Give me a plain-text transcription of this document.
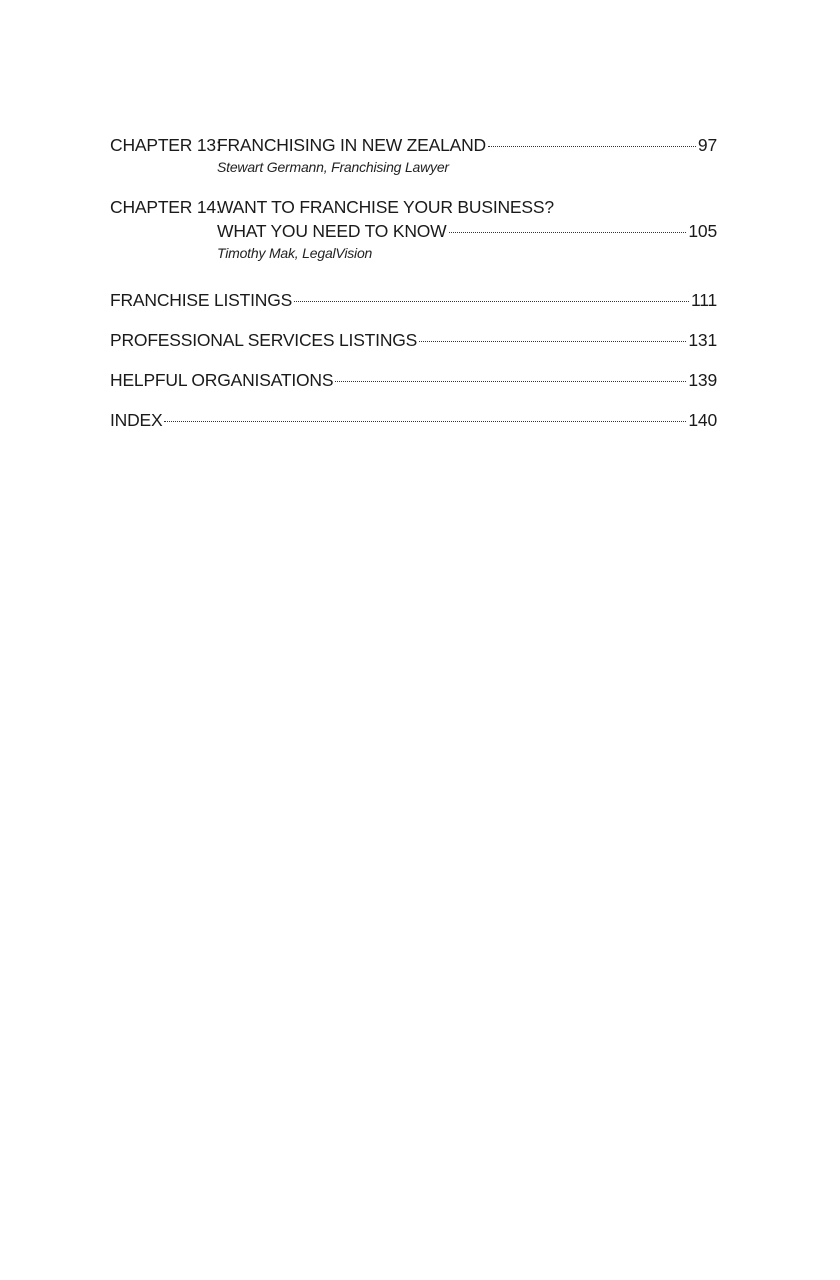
CHAPTER 13:
FRANCHISING IN NEW ZEALAND	97
Stewart Germann, Franchising Lawyer
CHAPTER 14:
WANT TO FRANCHISE YOUR BUSINESS?
WHAT YOU NEED TO KNOW	105
Timothy Mak, LegalVision
FRANCHISE LISTINGS	111
PROFESSIONAL SERVICES LISTINGS	131
HELPFUL ORGANISATIONS	139
INDEX	140
